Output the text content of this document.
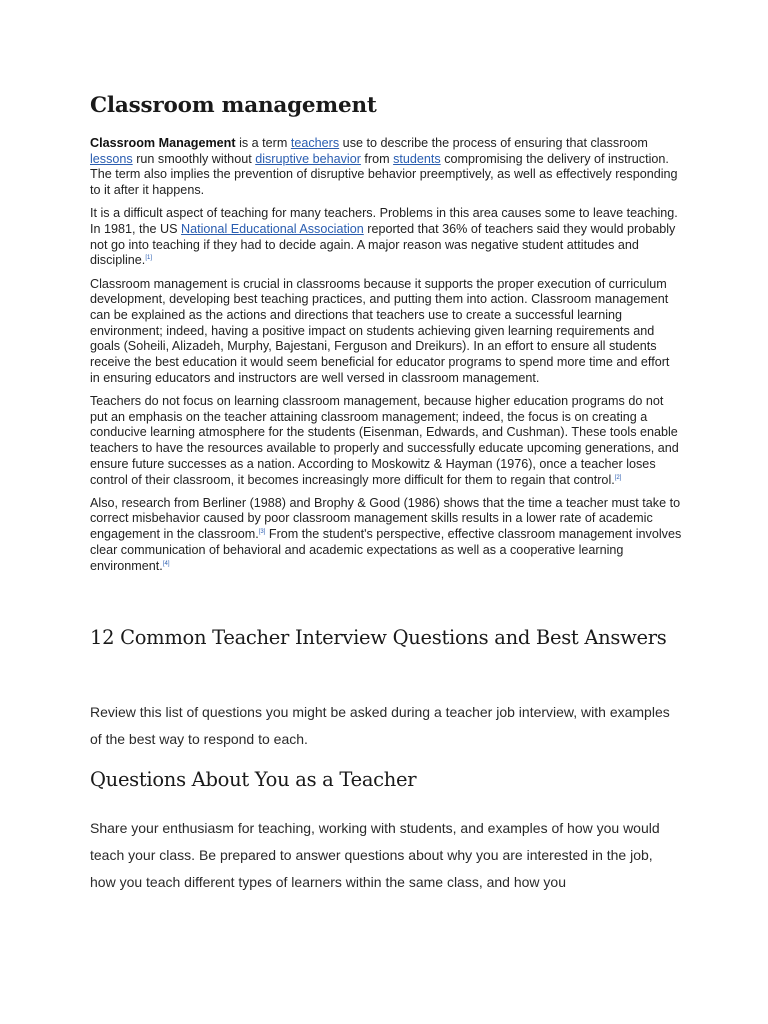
Classroom management

Classroom Management is a term teachers use to describe the process of ensuring that classroom lessons run smoothly without disruptive behavior from students compromising the delivery of instruction. The term also implies the prevention of disruptive behavior preemptively, as well as effectively responding to it after it happens.

It is a difficult aspect of teaching for many teachers. Problems in this area causes some to leave teaching. In 1981, the US National Educational Association reported that 36% of teachers said they would probably not go into teaching if they had to decide again. A major reason was negative student attitudes and discipline.[1]

Classroom management is crucial in classrooms because it supports the proper execution of curriculum development, developing best teaching practices, and putting them into action. Classroom management can be explained as the actions and directions that teachers use to create a successful learning environment; indeed, having a positive impact on students achieving given learning requirements and goals (Soheili, Alizadeh, Murphy, Bajestani, Ferguson and Dreikurs). In an effort to ensure all students receive the best education it would seem beneficial for educator programs to spend more time and effort in ensuring educators and instructors are well versed in classroom management.

Teachers do not focus on learning classroom management, because higher education programs do not put an emphasis on the teacher attaining classroom management; indeed, the focus is on creating a conducive learning atmosphere for the students (Eisenman, Edwards, and Cushman). These tools enable teachers to have the resources available to properly and successfully educate upcoming generations, and ensure future successes as a nation. According to Moskowitz & Hayman (1976), once a teacher loses control of their classroom, it becomes increasingly more difficult for them to regain that control.[2]

Also, research from Berliner (1988) and Brophy & Good (1986) shows that the time a teacher must take to correct misbehavior caused by poor classroom management skills results in a lower rate of academic engagement in the classroom.[3] From the student's perspective, effective classroom management involves clear communication of behavioral and academic expectations as well as a cooperative learning environment.[4]

12 Common Teacher Interview Questions and Best Answers

Review this list of questions you might be asked during a teacher job interview, with examples of the best way to respond to each.

Questions About You as a Teacher

Share your enthusiasm for teaching, working with students, and examples of how you would teach your class. Be prepared to answer questions about why you are interested in the job, how you teach different types of learners within the same class, and how you
